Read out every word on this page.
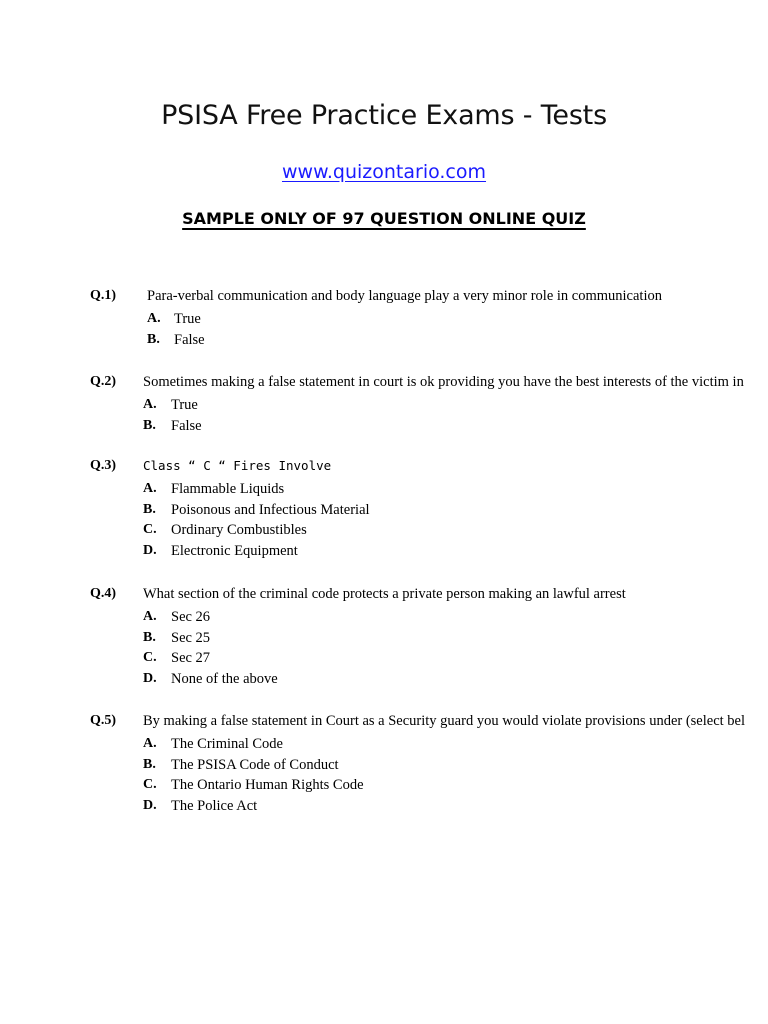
PSISA Free Practice Exams - Tests
www.quizontario.com
SAMPLE ONLY OF 97 QUESTION ONLINE QUIZ
Q.1) Para-verbal communication and body language play a very minor role in communication
A. True
B. False
Q.2) Sometimes making a false statement in court is ok providing you have the best interests of the victim in
A. True
B. False
Q.3) Class “ C “ Fires Involve
A. Flammable Liquids
B. Poisonous and Infectious Material
C. Ordinary Combustibles
D. Electronic Equipment
Q.4) What section of the criminal code protects a private person making an lawful arrest
A. Sec 26
B. Sec 25
C. Sec 27
D. None of the above
Q.5) By making a false statement in Court as a Security guard you would violate provisions under (select bel
A. The Criminal Code
B. The PSISA Code of Conduct
C. The Ontario Human Rights Code
D. The Police Act
